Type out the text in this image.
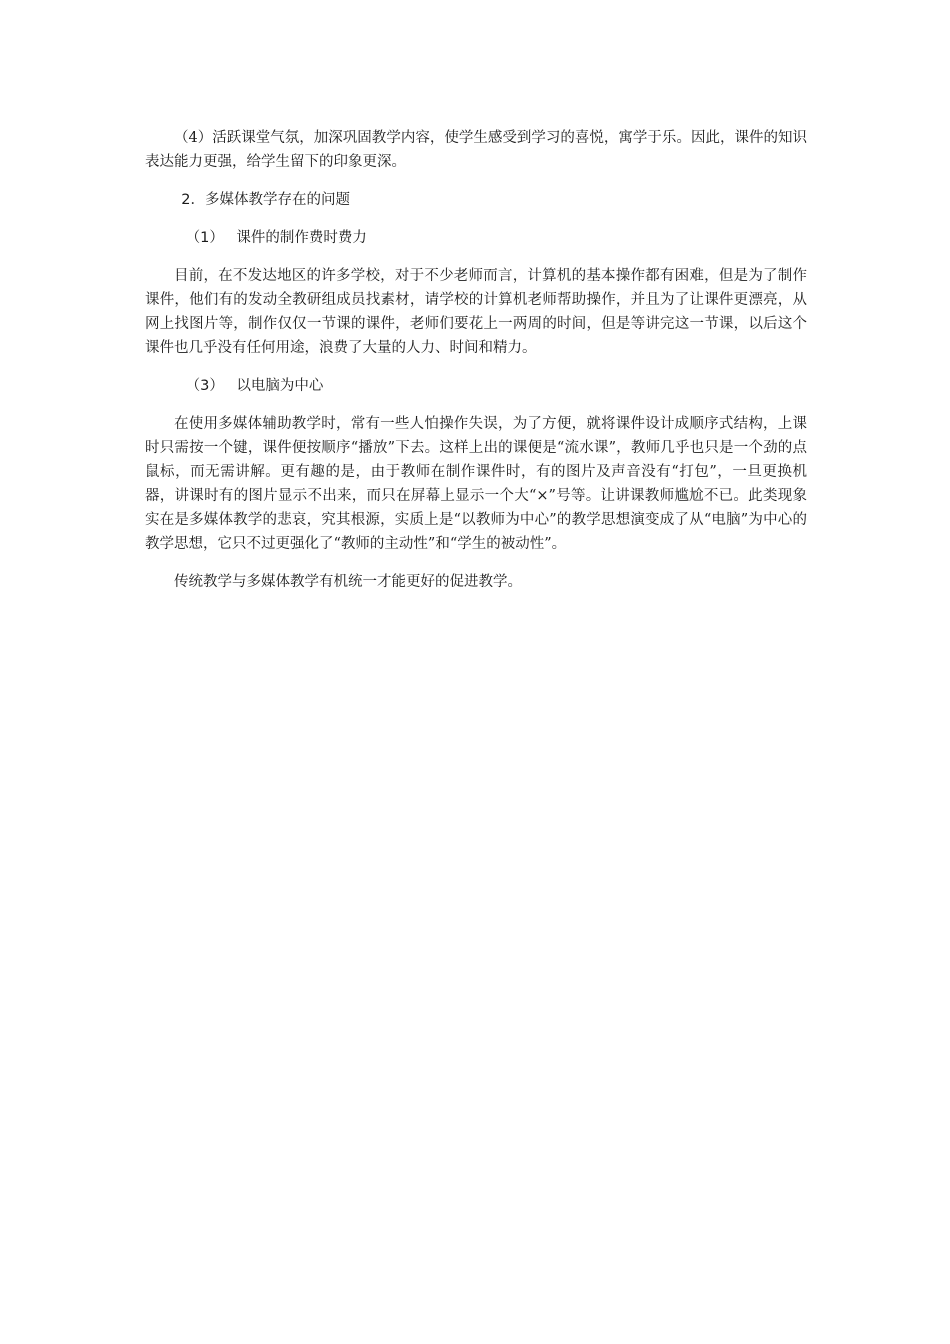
（4）活跃课堂气氛，加深巩固教学内容，使学生感受到学习的喜悦，寓学于乐。因此，课件的知识表达能力更强，给学生留下的印象更深。

2．多媒体教学存在的问题

（1） 课件的制作费时费力

目前，在不发达地区的许多学校，对于不少老师而言，计算机的基本操作都有困难，但是为了制作课件，他们有的发动全教研组成员找素材，请学校的计算机老师帮助操作，并且为了让课件更漂亮，从网上找图片等，制作仅仅一节课的课件，老师们要花上一两周的时间，但是等讲完这一节课，以后这个课件也几乎没有任何用途，浪费了大量的人力、时间和精力。

（3） 以电脑为中心

在使用多媒体辅助教学时，常有一些人怕操作失误，为了方便，就将课件设计成顺序式结构，上课时只需按一个键，课件便按顺序“播放”下去。这样上出的课便是“流水课”，教师几乎也只是一个劲的点鼠标，而无需讲解。更有趣的是，由于教师在制作课件时，有的图片及声音没有“打包”，一旦更换机器，讲课时有的图片显示不出来，而只在屏幕上显示一个大“×”号等。让讲课教师尴尬不已。此类现象实在是多媒体教学的悲哀，究其根源，实质上是“以教师为中心”的教学思想演变成了从“电脑”为中心的教学思想，它只不过更强化了“教师的主动性”和“学生的被动性”。

传统教学与多媒体教学有机统一才能更好的促进教学。
